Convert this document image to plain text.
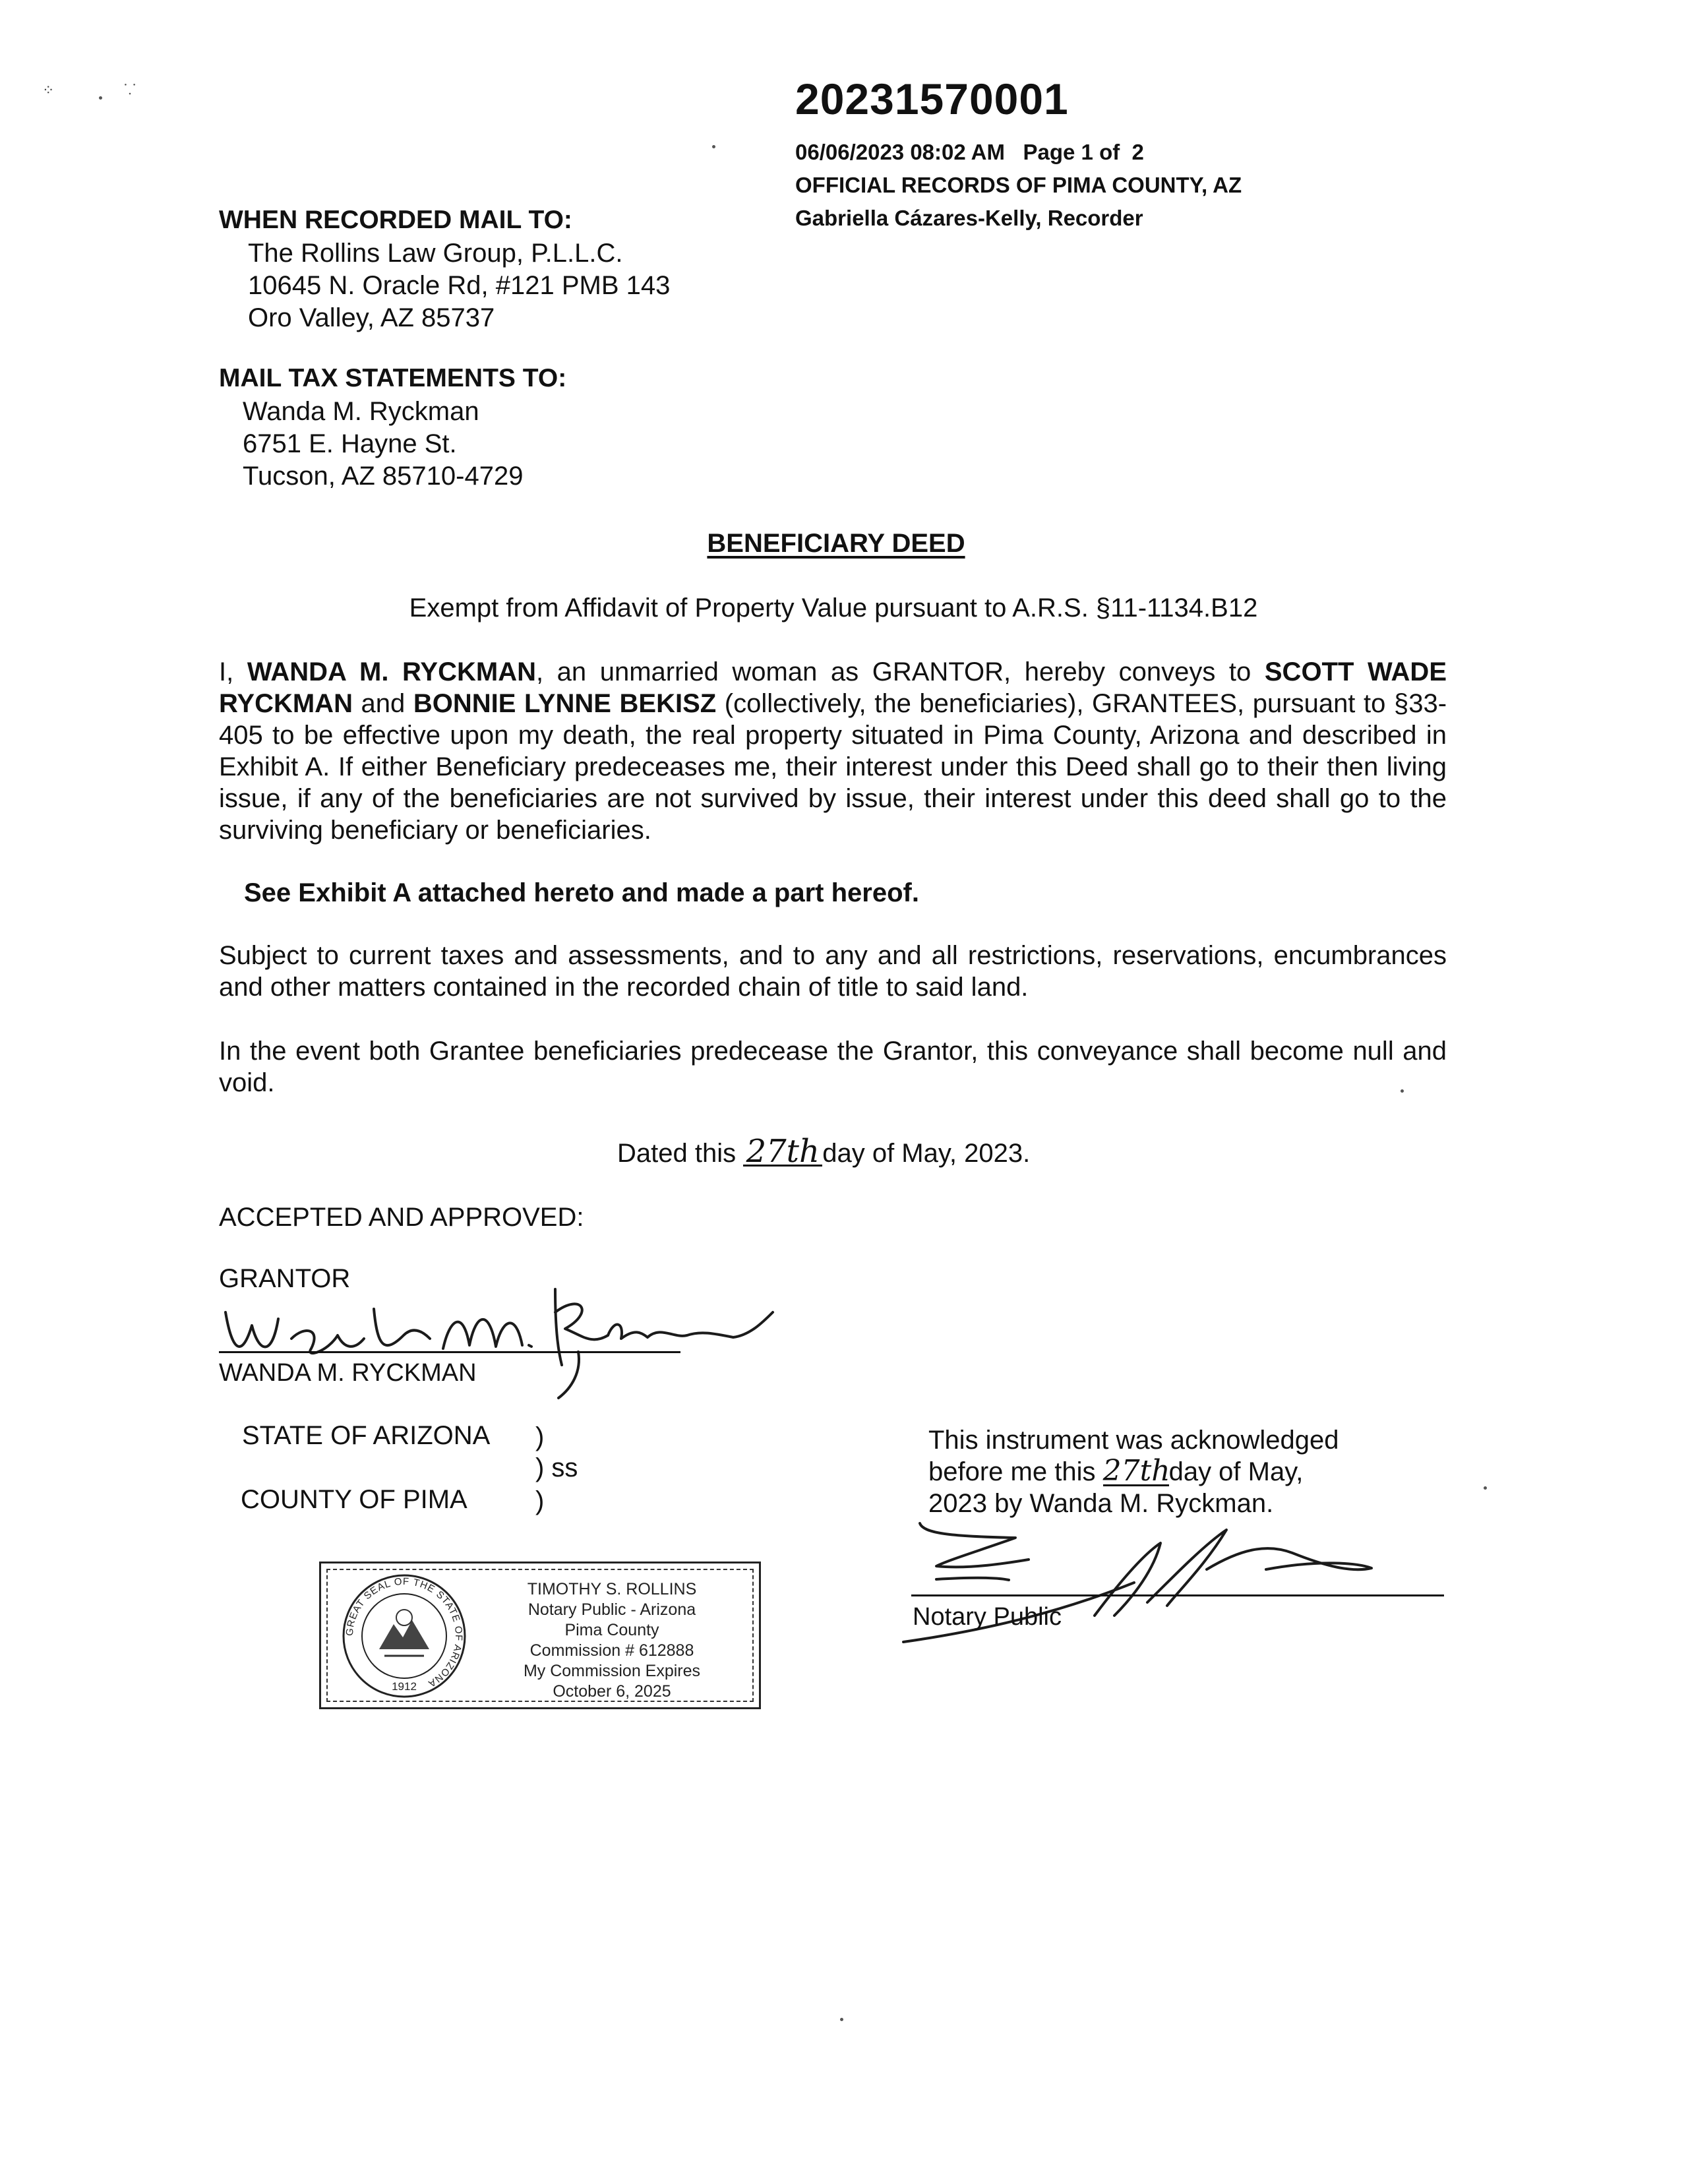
20231570001
06/06/2023 08:02 AM   Page 1 of  2
OFFICIAL RECORDS OF PIMA COUNTY, AZ
Gabriella Cázares-Kelly, Recorder
WHEN RECORDED MAIL TO:
The Rollins Law Group, P.L.L.C.
10645 N. Oracle Rd, #121 PMB 143
Oro Valley, AZ 85737
MAIL TAX STATEMENTS TO:
Wanda M. Ryckman
6751 E. Hayne St.
Tucson, AZ 85710-4729
BENEFICIARY DEED
Exempt from Affidavit of Property Value pursuant to A.R.S. §11-1134.B12
I, WANDA M. RYCKMAN, an unmarried woman as GRANTOR, hereby conveys to SCOTT WADE RYCKMAN and BONNIE LYNNE BEKISZ (collectively, the beneficiaries), GRANTEES, pursuant to §33-405 to be effective upon my death, the real property situated in Pima County, Arizona and described in Exhibit A. If either Beneficiary predeceases me, their interest under this Deed shall go to their then living issue, if any of the beneficiaries are not survived by issue, their interest under this deed shall go to the surviving beneficiary or beneficiaries.
See Exhibit A attached hereto and made a part hereof.
Subject to current taxes and assessments, and to any and all restrictions, reservations, encumbrances and other matters contained in the recorded chain of title to said land.
In the event both Grantee beneficiaries predecease the Grantor, this conveyance shall become null and void.
Dated this 27th day of May, 2023.
ACCEPTED AND APPROVED:
GRANTOR
WANDA M. RYCKMAN
STATE OF ARIZONA )
) ss
COUNTY OF PIMA	)
GREAT SEAL OF THE STATE OF ARIZONA
1912
TIMOTHY S. ROLLINS
Notary Public - Arizona
Pima County
Commission # 612888
My Commission Expires
October 6, 2025
This instrument was acknowledged
before me this 27thday of May,
2023 by Wanda M. Ryckman.
Notary Public
⁘	⸪
